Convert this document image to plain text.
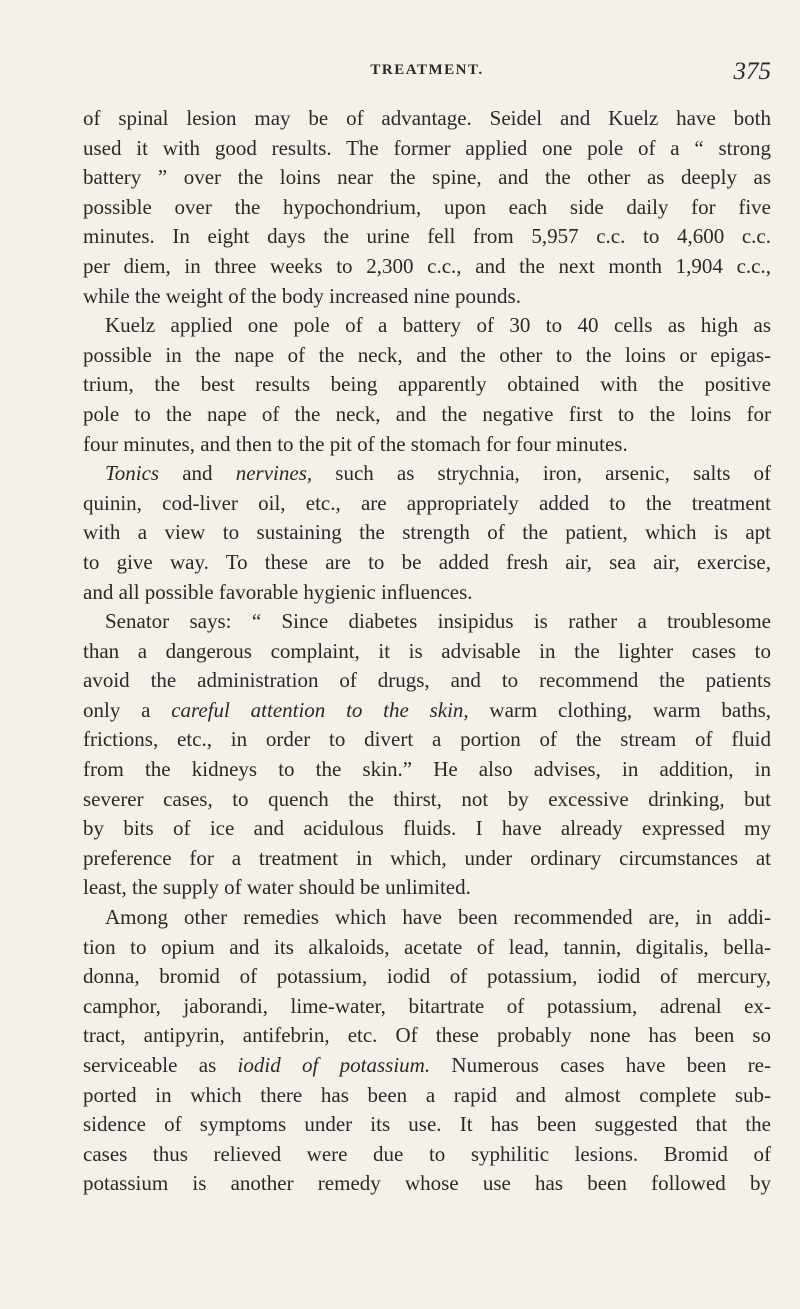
TREATMENT.	375
of spinal lesion may be of advantage. Seidel and Kuelz have both
used it with good results. The former applied one pole of a “ strong
battery ” over the loins near the spine, and the other as deeply as
possible over the hypochondrium, upon each side daily for five
minutes. In eight days the urine fell from 5,957 c.c. to 4,600 c.c.
per diem, in three weeks to 2,300 c.c., and the next month 1,904 c.c.,
while the weight of the body increased nine pounds.
Kuelz applied one pole of a battery of 30 to 40 cells as high as
possible in the nape of the neck, and the other to the loins or epigas-
trium, the best results being apparently obtained with the positive
pole to the nape of the neck, and the negative first to the loins for
four minutes, and then to the pit of the stomach for four minutes.
Tonics and nervines, such as strychnia, iron, arsenic, salts of
quinin, cod-liver oil, etc., are appropriately added to the treatment
with a view to sustaining the strength of the patient, which is apt
to give way. To these are to be added fresh air, sea air, exercise,
and all possible favorable hygienic influences.
Senator says: “ Since diabetes insipidus is rather a troublesome
than a dangerous complaint, it is advisable in the lighter cases to
avoid the administration of drugs, and to recommend the patients
only a careful attention to the skin, warm clothing, warm baths,
frictions, etc., in order to divert a portion of the stream of fluid
from the kidneys to the skin.” He also advises, in addition, in
severer cases, to quench the thirst, not by excessive drinking, but
by bits of ice and acidulous fluids. I have already expressed my
preference for a treatment in which, under ordinary circumstances at
least, the supply of water should be unlimited.
Among other remedies which have been recommended are, in addi-
tion to opium and its alkaloids, acetate of lead, tannin, digitalis, bella-
donna, bromid of potassium, iodid of potassium, iodid of mercury,
camphor, jaborandi, lime-water, bitartrate of potassium, adrenal ex-
tract, antipyrin, antifebrin, etc. Of these probably none has been so
serviceable as iodid of potassium. Numerous cases have been re-
ported in which there has been a rapid and almost complete sub-
sidence of symptoms under its use. It has been suggested that the
cases thus relieved were due to syphilitic lesions. Bromid of
potassium is another remedy whose use has been followed by
